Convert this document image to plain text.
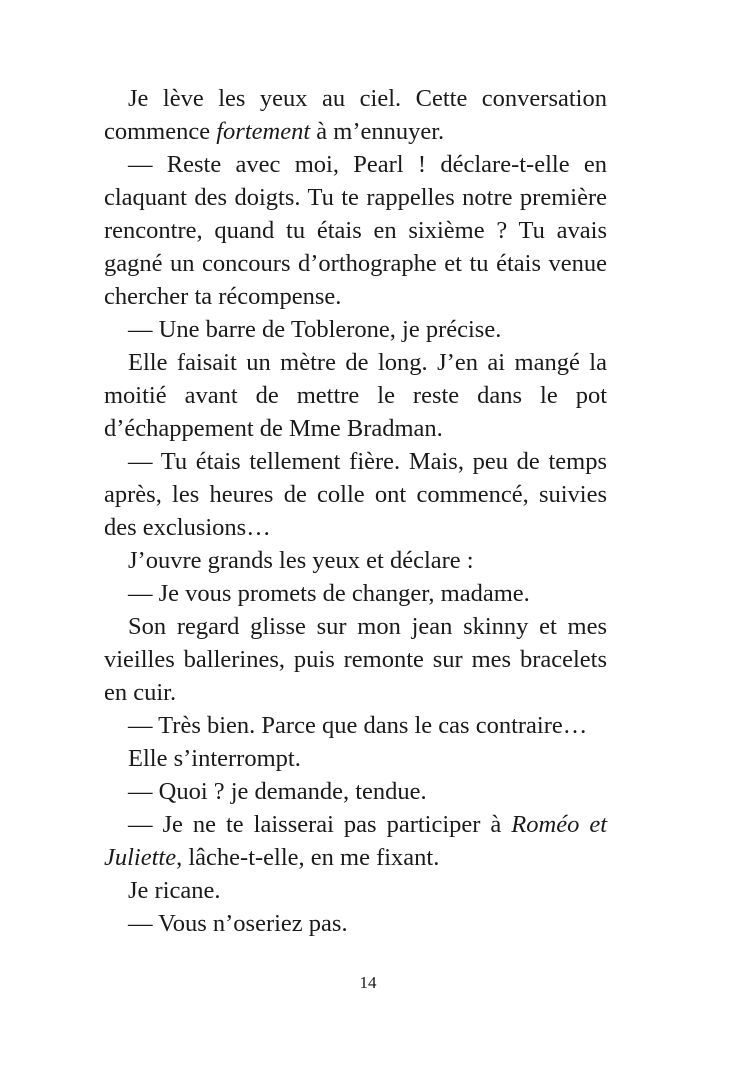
Je lève les yeux au ciel. Cette conversation commence fortement à m’ennuyer.

— Reste avec moi, Pearl ! déclare-t-elle en claquant des doigts. Tu te rappelles notre première rencontre, quand tu étais en sixième ? Tu avais gagné un concours d’orthographe et tu étais venue chercher ta récompense.

— Une barre de Toblerone, je précise.

Elle faisait un mètre de long. J’en ai mangé la moitié avant de mettre le reste dans le pot d’échappement de Mme Bradman.

— Tu étais tellement fière. Mais, peu de temps après, les heures de colle ont commencé, suivies des exclusions…

J’ouvre grands les yeux et déclare :

— Je vous promets de changer, madame.

Son regard glisse sur mon jean skinny et mes vieilles ballerines, puis remonte sur mes bracelets en cuir.

— Très bien. Parce que dans le cas contraire…

Elle s’interrompt.

— Quoi ? je demande, tendue.

— Je ne te laisserai pas participer à Roméo et Juliette, lâche-t-elle, en me fixant.

Je ricane.

— Vous n’oseriez pas.

14
